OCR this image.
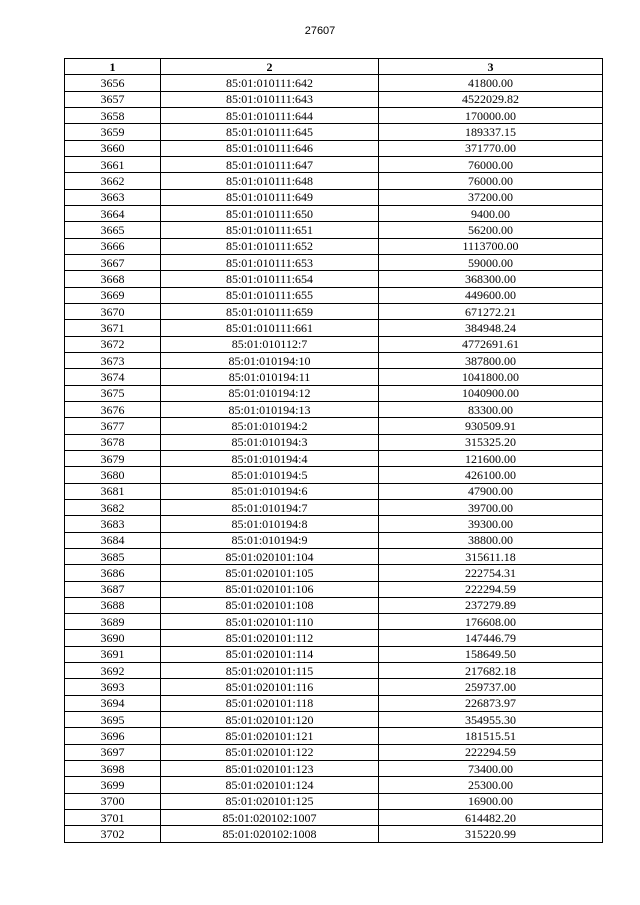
27607
1	2	3
3656	85:01:010111:642	41800.00
3657	85:01:010111:643	4522029.82
3658	85:01:010111:644	170000.00
3659	85:01:010111:645	189337.15
3660	85:01:010111:646	371770.00
3661	85:01:010111:647	76000.00
3662	85:01:010111:648	76000.00
3663	85:01:010111:649	37200.00
3664	85:01:010111:650	9400.00
3665	85:01:010111:651	56200.00
3666	85:01:010111:652	1113700.00
3667	85:01:010111:653	59000.00
3668	85:01:010111:654	368300.00
3669	85:01:010111:655	449600.00
3670	85:01:010111:659	671272.21
3671	85:01:010111:661	384948.24
3672	85:01:010112:7	4772691.61
3673	85:01:010194:10	387800.00
3674	85:01:010194:11	1041800.00
3675	85:01:010194:12	1040900.00
3676	85:01:010194:13	83300.00
3677	85:01:010194:2	930509.91
3678	85:01:010194:3	315325.20
3679	85:01:010194:4	121600.00
3680	85:01:010194:5	426100.00
3681	85:01:010194:6	47900.00
3682	85:01:010194:7	39700.00
3683	85:01:010194:8	39300.00
3684	85:01:010194:9	38800.00
3685	85:01:020101:104	315611.18
3686	85:01:020101:105	222754.31
3687	85:01:020101:106	222294.59
3688	85:01:020101:108	237279.89
3689	85:01:020101:110	176608.00
3690	85:01:020101:112	147446.79
3691	85:01:020101:114	158649.50
3692	85:01:020101:115	217682.18
3693	85:01:020101:116	259737.00
3694	85:01:020101:118	226873.97
3695	85:01:020101:120	354955.30
3696	85:01:020101:121	181515.51
3697	85:01:020101:122	222294.59
3698	85:01:020101:123	73400.00
3699	85:01:020101:124	25300.00
3700	85:01:020101:125	16900.00
3701	85:01:020102:1007	614482.20
3702	85:01:020102:1008	315220.99
